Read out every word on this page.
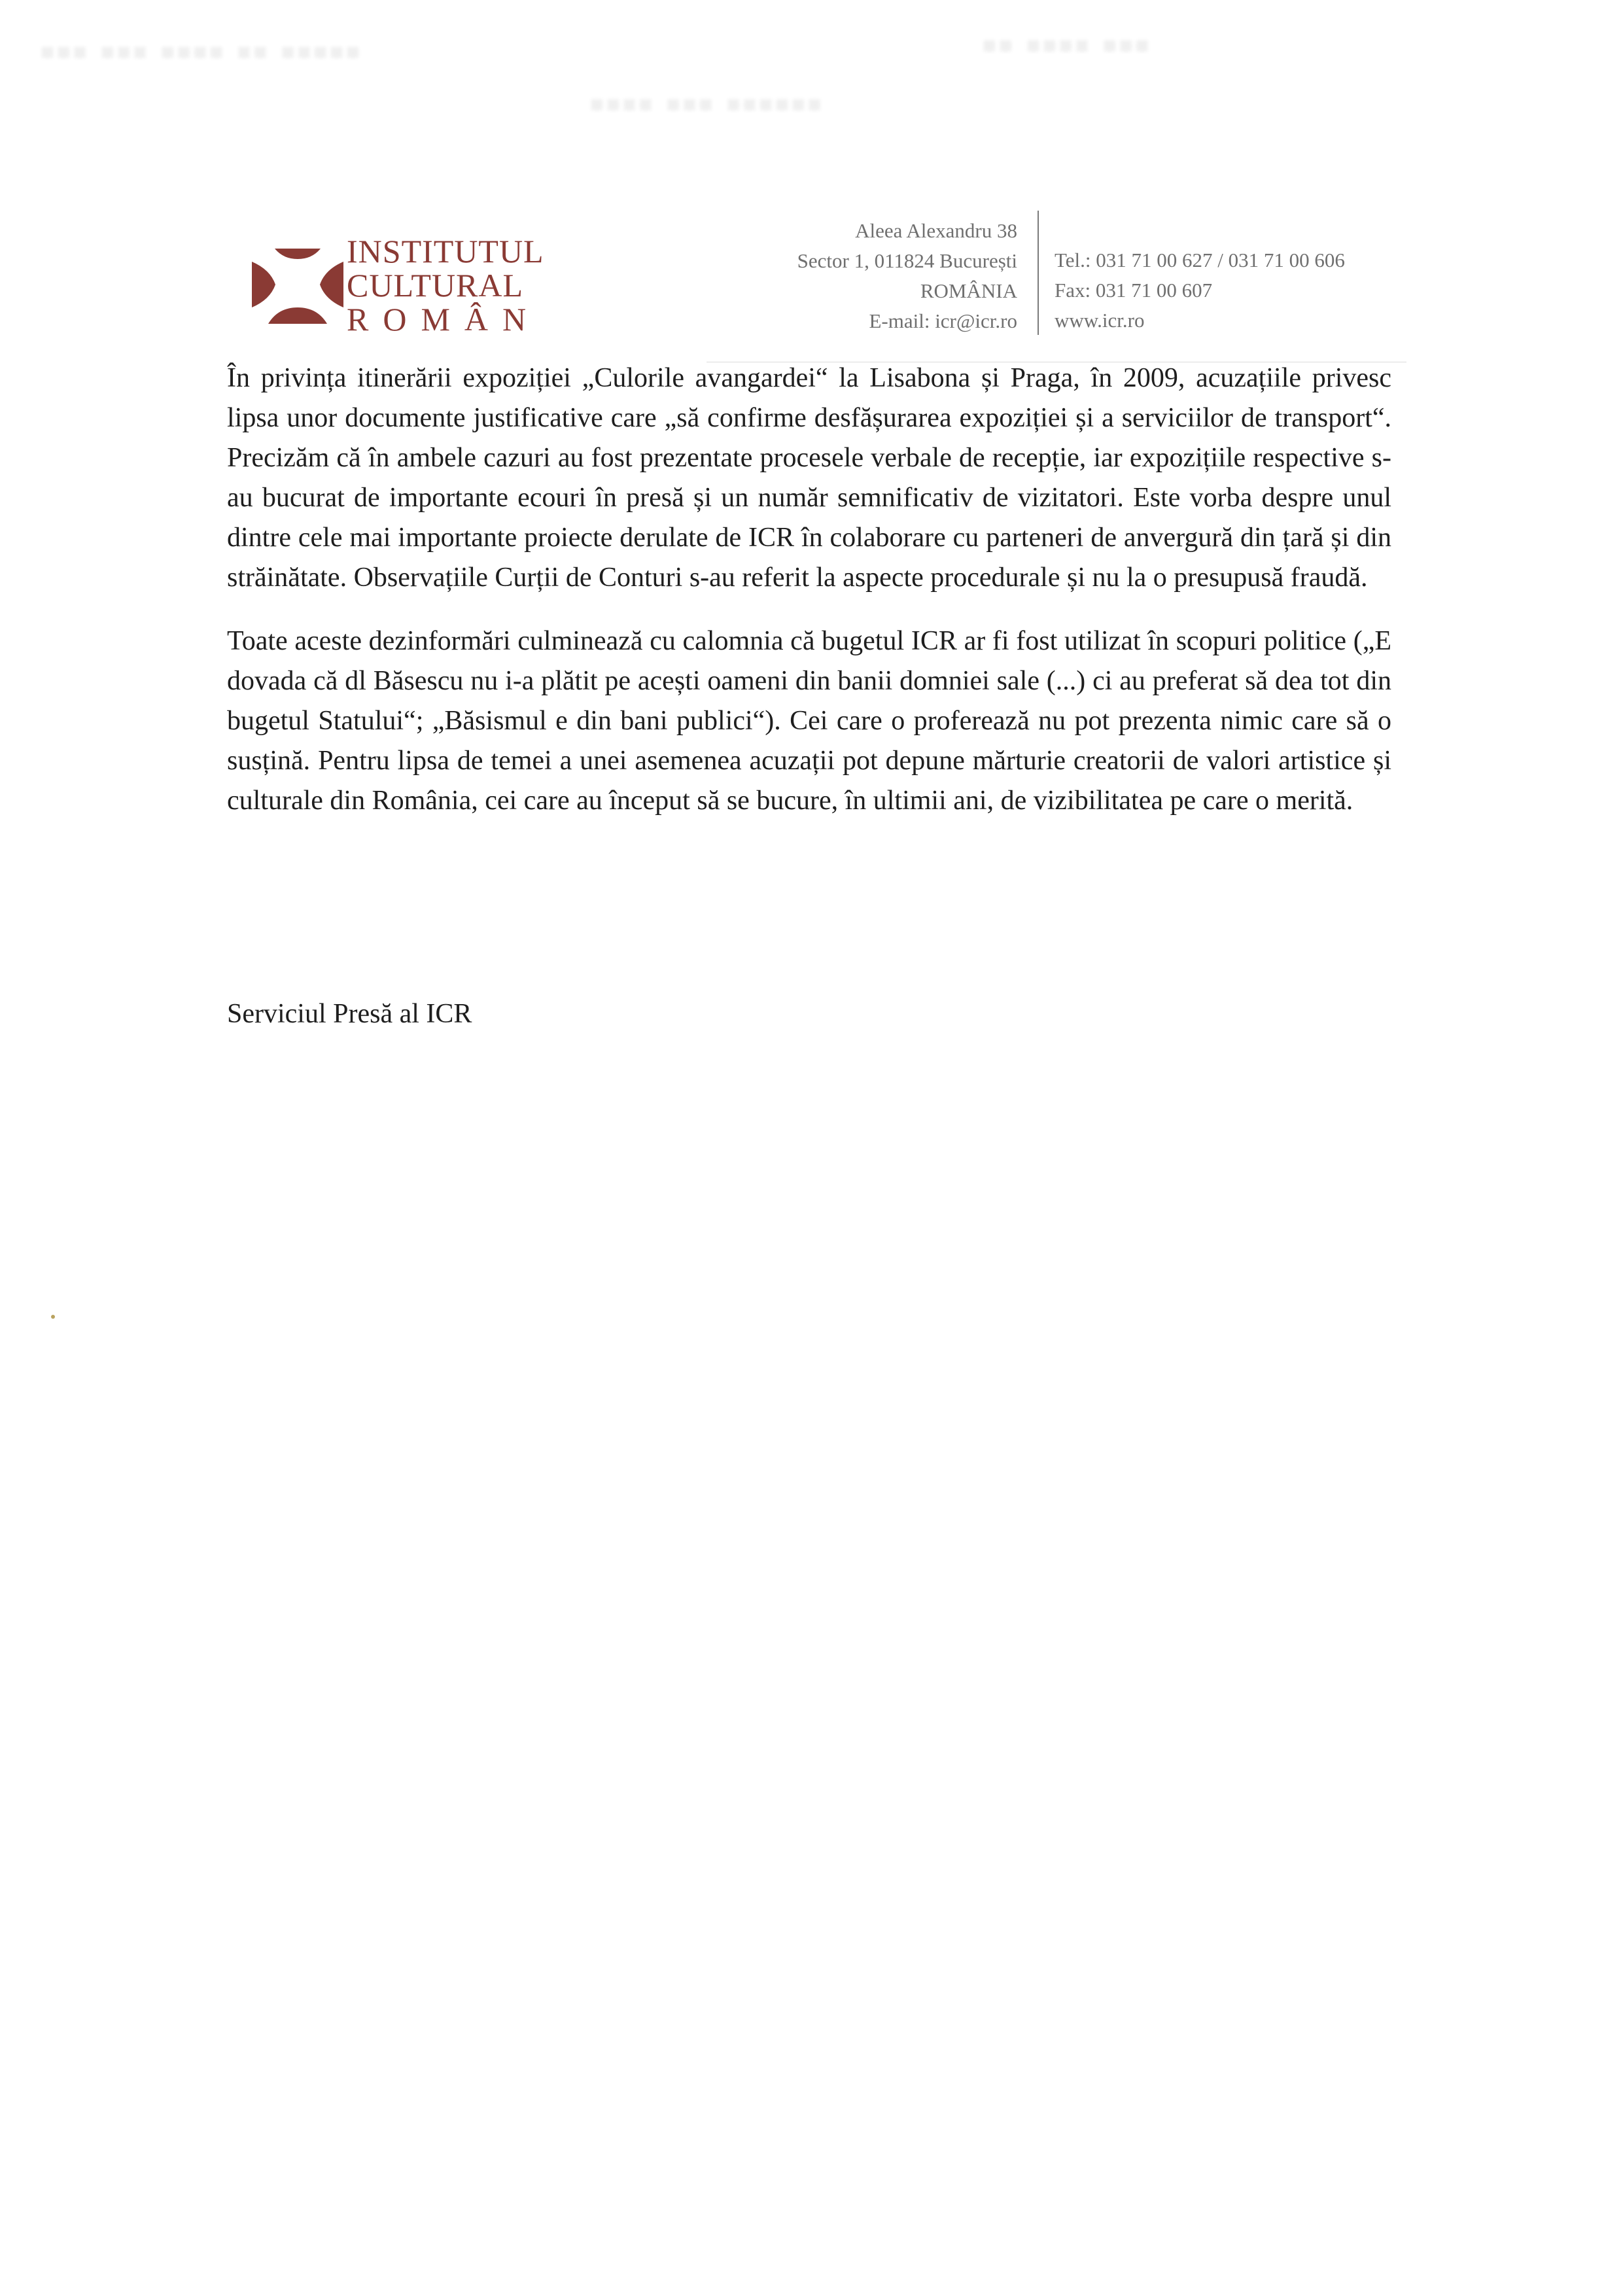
▪▪▪ ▪▪▪ ▪▪▪▪ ▪▪ ▪▪▪▪▪
▪▪▪▪ ▪▪▪ ▪▪▪▪▪▪
▪▪ ▪▪▪▪ ▪▪▪
INSTITUTUL
CULTURAL
ROMÂN
Aleea Alexandru 38
Sector 1, 011824 București
ROMÂNIA
E-mail: icr@icr.ro
Tel.: 031 71 00 627 / 031 71 00 606
Fax: 031 71 00 607
www.icr.ro

În privința itinerării expoziției „Culorile avangardei“ la Lisabona și Praga, în 2009, acuzațiile privesc lipsa unor documente justificative care „să confirme desfășurarea expoziției și a serviciilor de transport“. Precizăm că în ambele cazuri au fost prezentate procesele verbale de recepție, iar expozițiile respective s-au bucurat de importante ecouri în presă și un număr semnificativ de vizitatori. Este vorba despre unul dintre cele mai importante proiecte derulate de ICR în colaborare cu parteneri de anvergură din țară și din străinătate. Observațiile Curții de Conturi s-au referit la aspecte procedurale și nu la o presupusă fraudă.

Toate aceste dezinformări culminează cu calomnia că bugetul ICR ar fi fost utilizat în scopuri politice („E dovada că dl Băsescu nu i-a plătit pe acești oameni din banii domniei sale (...) ci au preferat să dea tot din bugetul Statului“; „Băsismul e din bani publici“). Cei care o proferează nu pot prezenta nimic care să o susțină. Pentru lipsa de temei a unei asemenea acuzații pot depune mărturie creatorii de valori artistice și culturale din România, cei care au început să se bucure, în ultimii ani, de vizibilitatea pe care o merită.

Serviciul Presă al ICR
